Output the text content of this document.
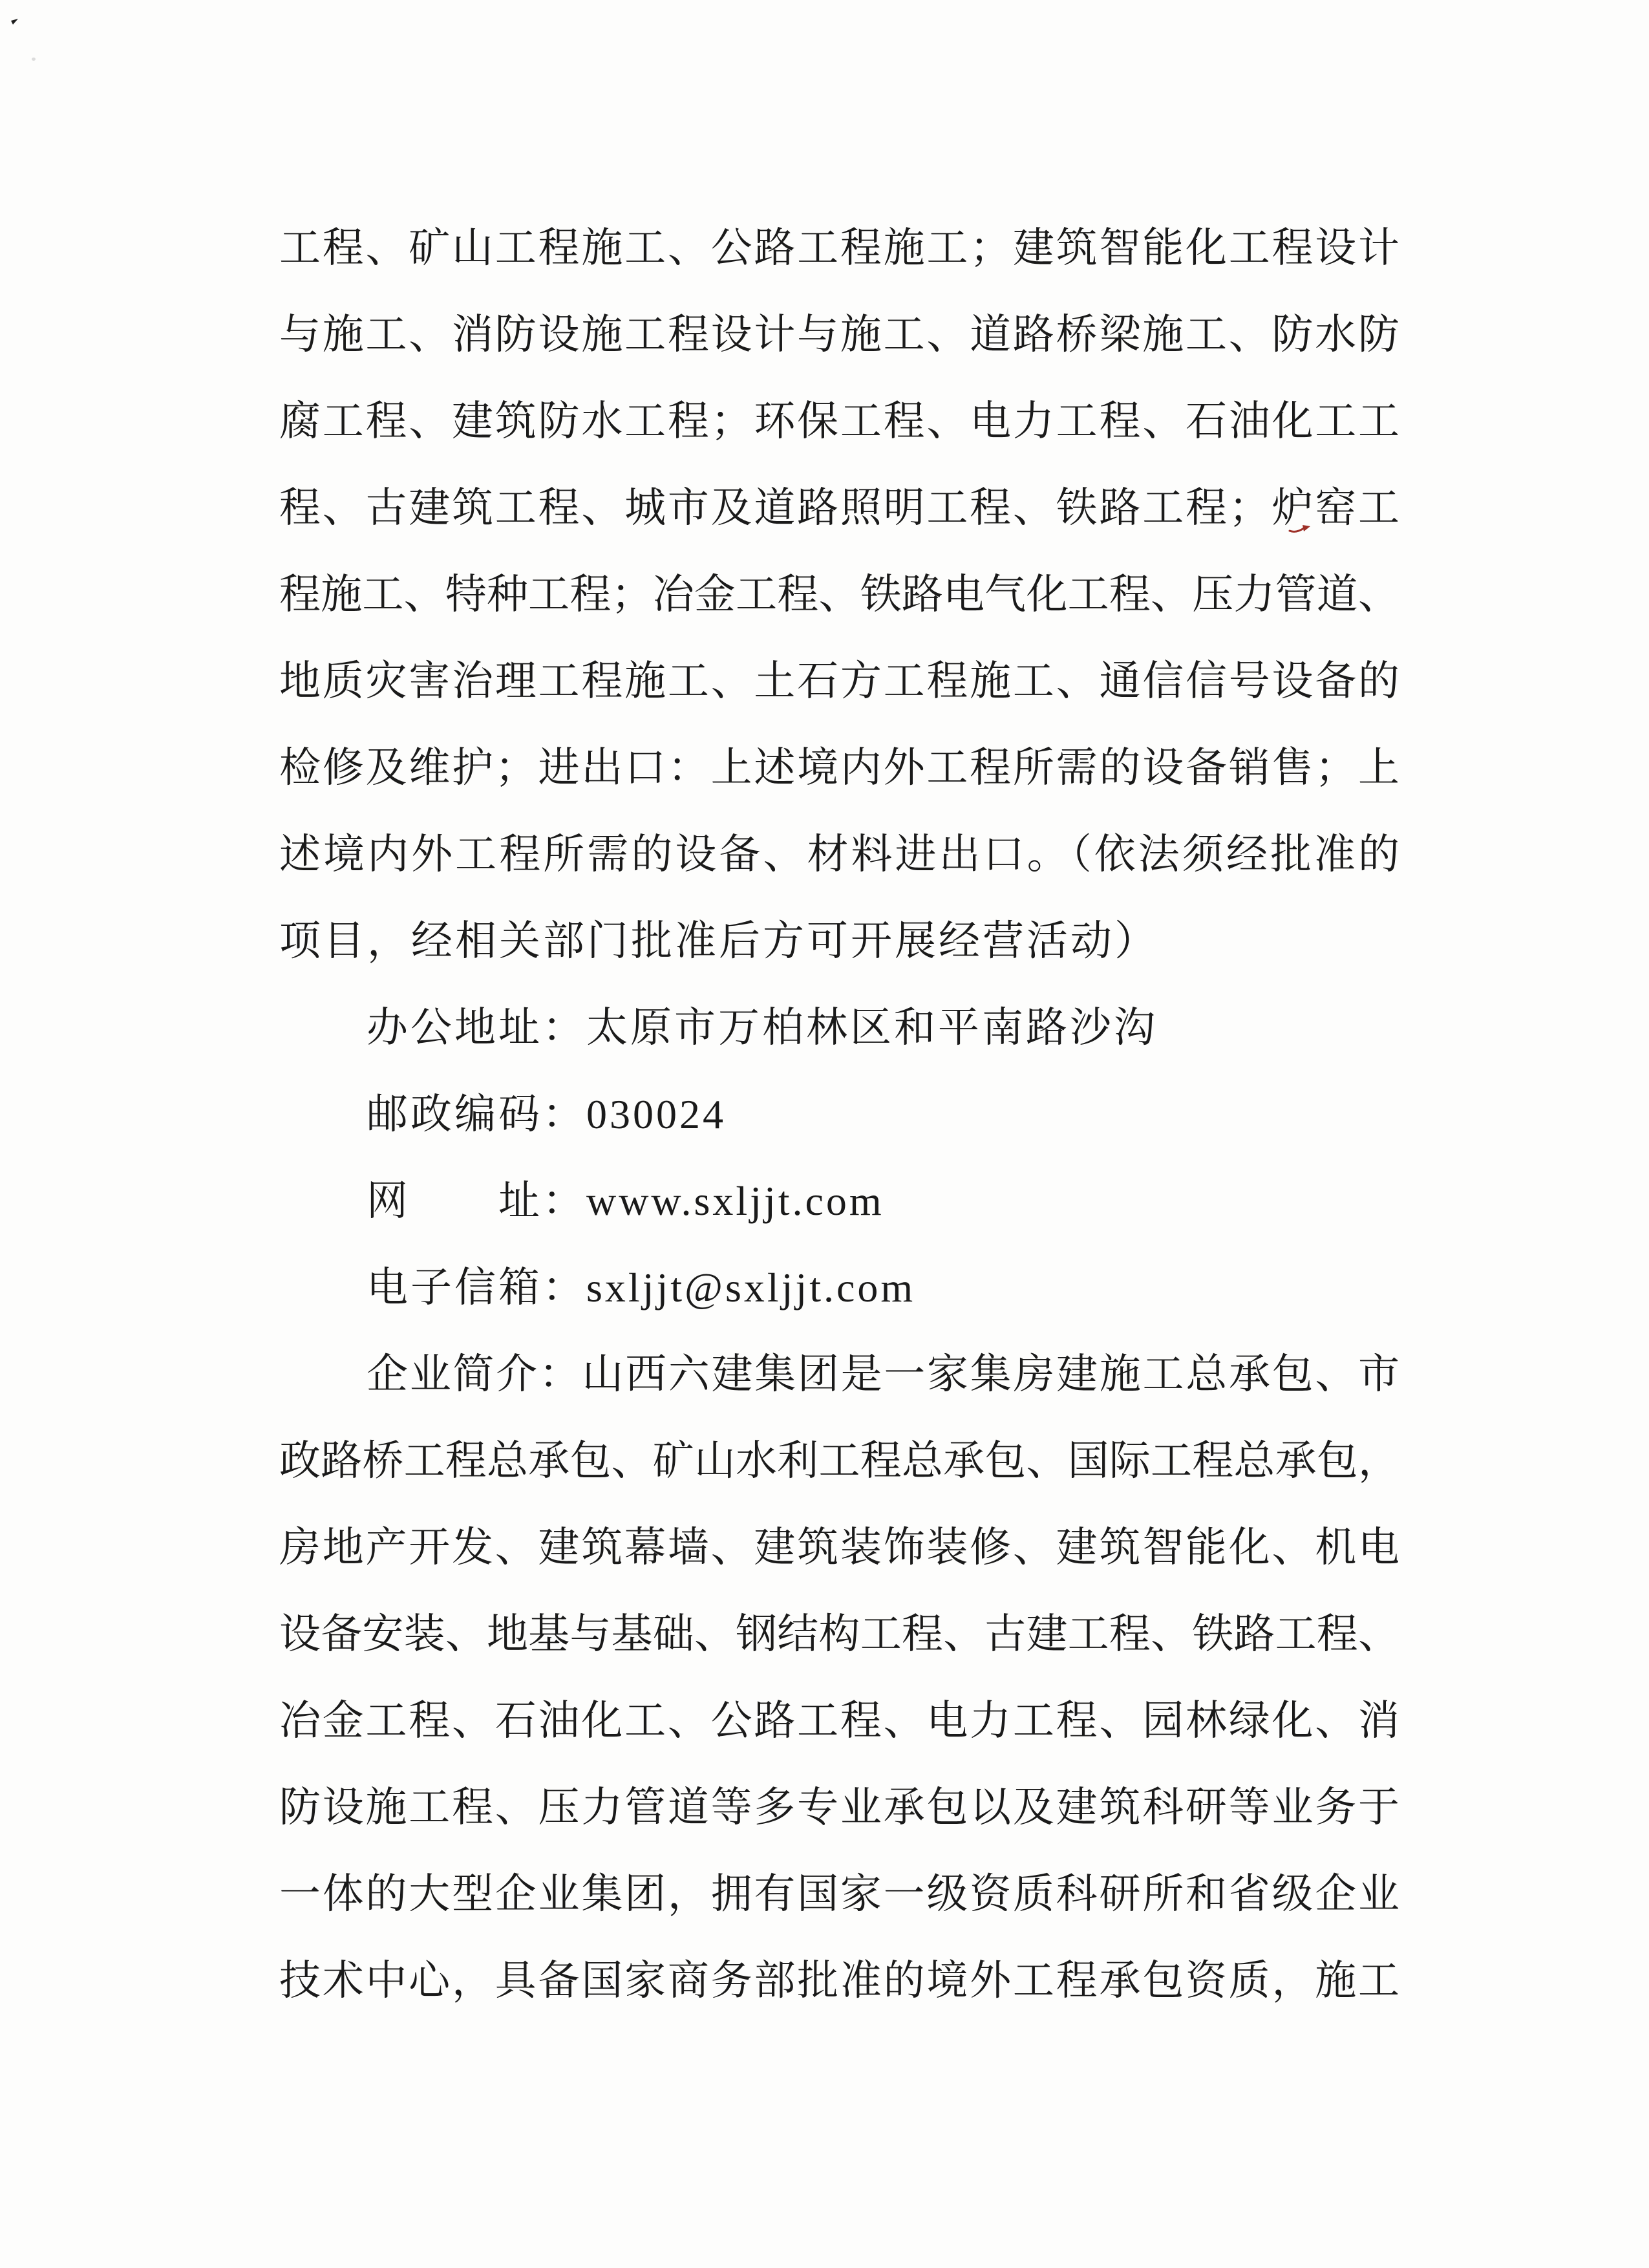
工程、矿山工程施工、公路工程施工；建筑智能化工程设计
与施工、消防设施工程设计与施工、道路桥梁施工、防水防
腐工程、建筑防水工程；环保工程、电力工程、石油化工工
程、古建筑工程、城市及道路照明工程、铁路工程；炉窑工
程施工、特种工程；冶金工程、铁路电气化工程、压力管道、
地质灾害治理工程施工、土石方工程施工、通信信号设备的
检修及维护；进出口：上述境内外工程所需的设备销售；上
述境内外工程所需的设备、材料进出口。（依法须经批准的
项目，经相关部门批准后方可开展经营活动）
办公地址：太原市万柏林区和平南路沙沟
邮政编码：030024
网　　址：www.sxljjt.com
电子信箱：sxljjt@sxljjt.com
企业简介：山西六建集团是一家集房建施工总承包、市
政路桥工程总承包、矿山水利工程总承包、国际工程总承包，
房地产开发、建筑幕墙、建筑装饰装修、建筑智能化、机电
设备安装、地基与基础、钢结构工程、古建工程、铁路工程、
冶金工程、石油化工、公路工程、电力工程、园林绿化、消
防设施工程、压力管道等多专业承包以及建筑科研等业务于
一体的大型企业集团，拥有国家一级资质科研所和省级企业
技术中心，具备国家商务部批准的境外工程承包资质，施工
